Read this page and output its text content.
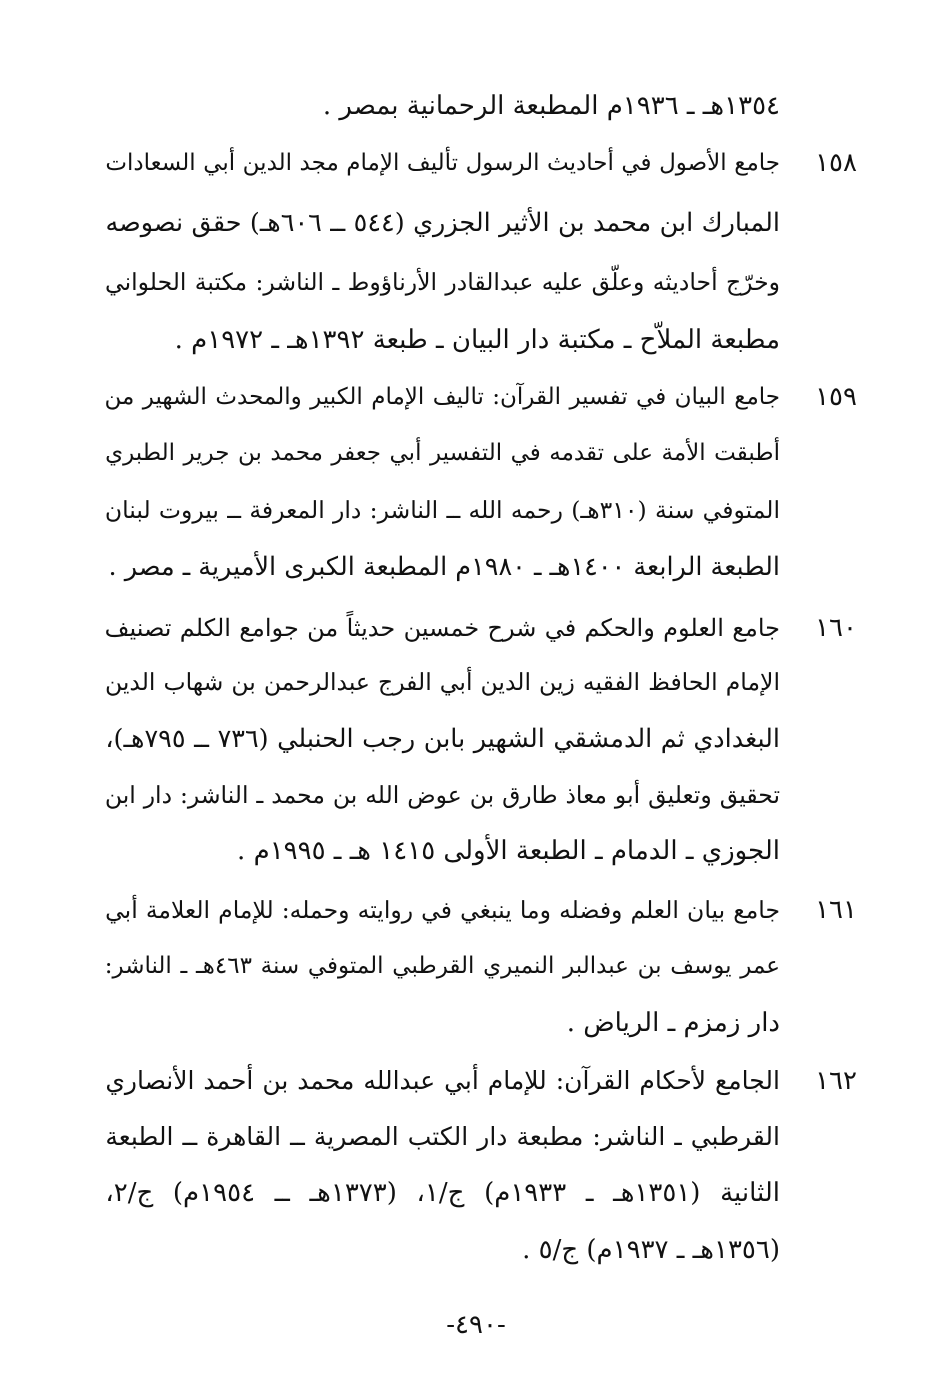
١٣٥٤هـ ـ ١٩٣٦م المطبعة الرحمانية بمصر .
١٥٨
جامع الأصول في أحاديث الرسول تأليف الإمام مجد الدين أبي السعادات
المبارك ابن محمد بن الأثير الجزري (٥٤٤ ــ ٦٠٦هـ) حقق نصوصه
وخرّج أحاديثه وعلّق عليه عبدالقادر الأرناؤوط ـ الناشر: مكتبة الحلواني
مطبعة الملاّح ـ مكتبة دار البيان ـ طبعة ١٣٩٢هـ ـ ١٩٧٢م .
١٥٩
جامع البيان في تفسير القرآن: تاليف الإمام الكبير والمحدث الشهير من
أطبقت الأمة على تقدمه في التفسير أبي جعفر محمد بن جرير الطبري
المتوفي سنة (٣١٠هـ) رحمه الله ــ الناشر: دار المعرفة ــ بيروت لبنان
الطبعة الرابعة ١٤٠٠هـ ـ ١٩٨٠م المطبعة الكبرى الأميرية ـ مصر .
١٦٠
جامع العلوم والحكم في شرح خمسين حديثاً من جوامع الكلم تصنيف
الإمام الحافظ الفقيه زين الدين أبي الفرج عبدالرحمن بن شهاب الدين
البغدادي ثم الدمشقي الشهير بابن رجب الحنبلي (٧٣٦ ــ ٧٩٥هـ)،
تحقيق وتعليق أبو معاذ طارق بن عوض الله بن محمد ـ الناشر: دار ابن
الجوزي ـ الدمام ـ الطبعة الأولى ١٤١٥ هـ ـ ١٩٩٥م .
١٦١
جامع بيان العلم وفضله وما ينبغي في روايته وحمله: للإمام العلامة أبي
عمر يوسف بن عبدالبر النميري القرطبي المتوفي سنة ٤٦٣هـ ـ الناشر:
دار زمزم ـ الرياض .
١٦٢
الجامع لأحكام القرآن: للإمام أبي عبدالله محمد بن أحمد الأنصاري
القرطبي ـ الناشر: مطبعة دار الكتب المصرية ــ القاهرة ــ الطبعة
الثانية (١٣٥١هـ ـ ١٩٣٣م) ج/١، (١٣٧٣هـ ــ ١٩٥٤م) ج/٢،
(١٣٥٦هـ ـ ١٩٣٧م) ج/٥ .
-٤٩٠-
